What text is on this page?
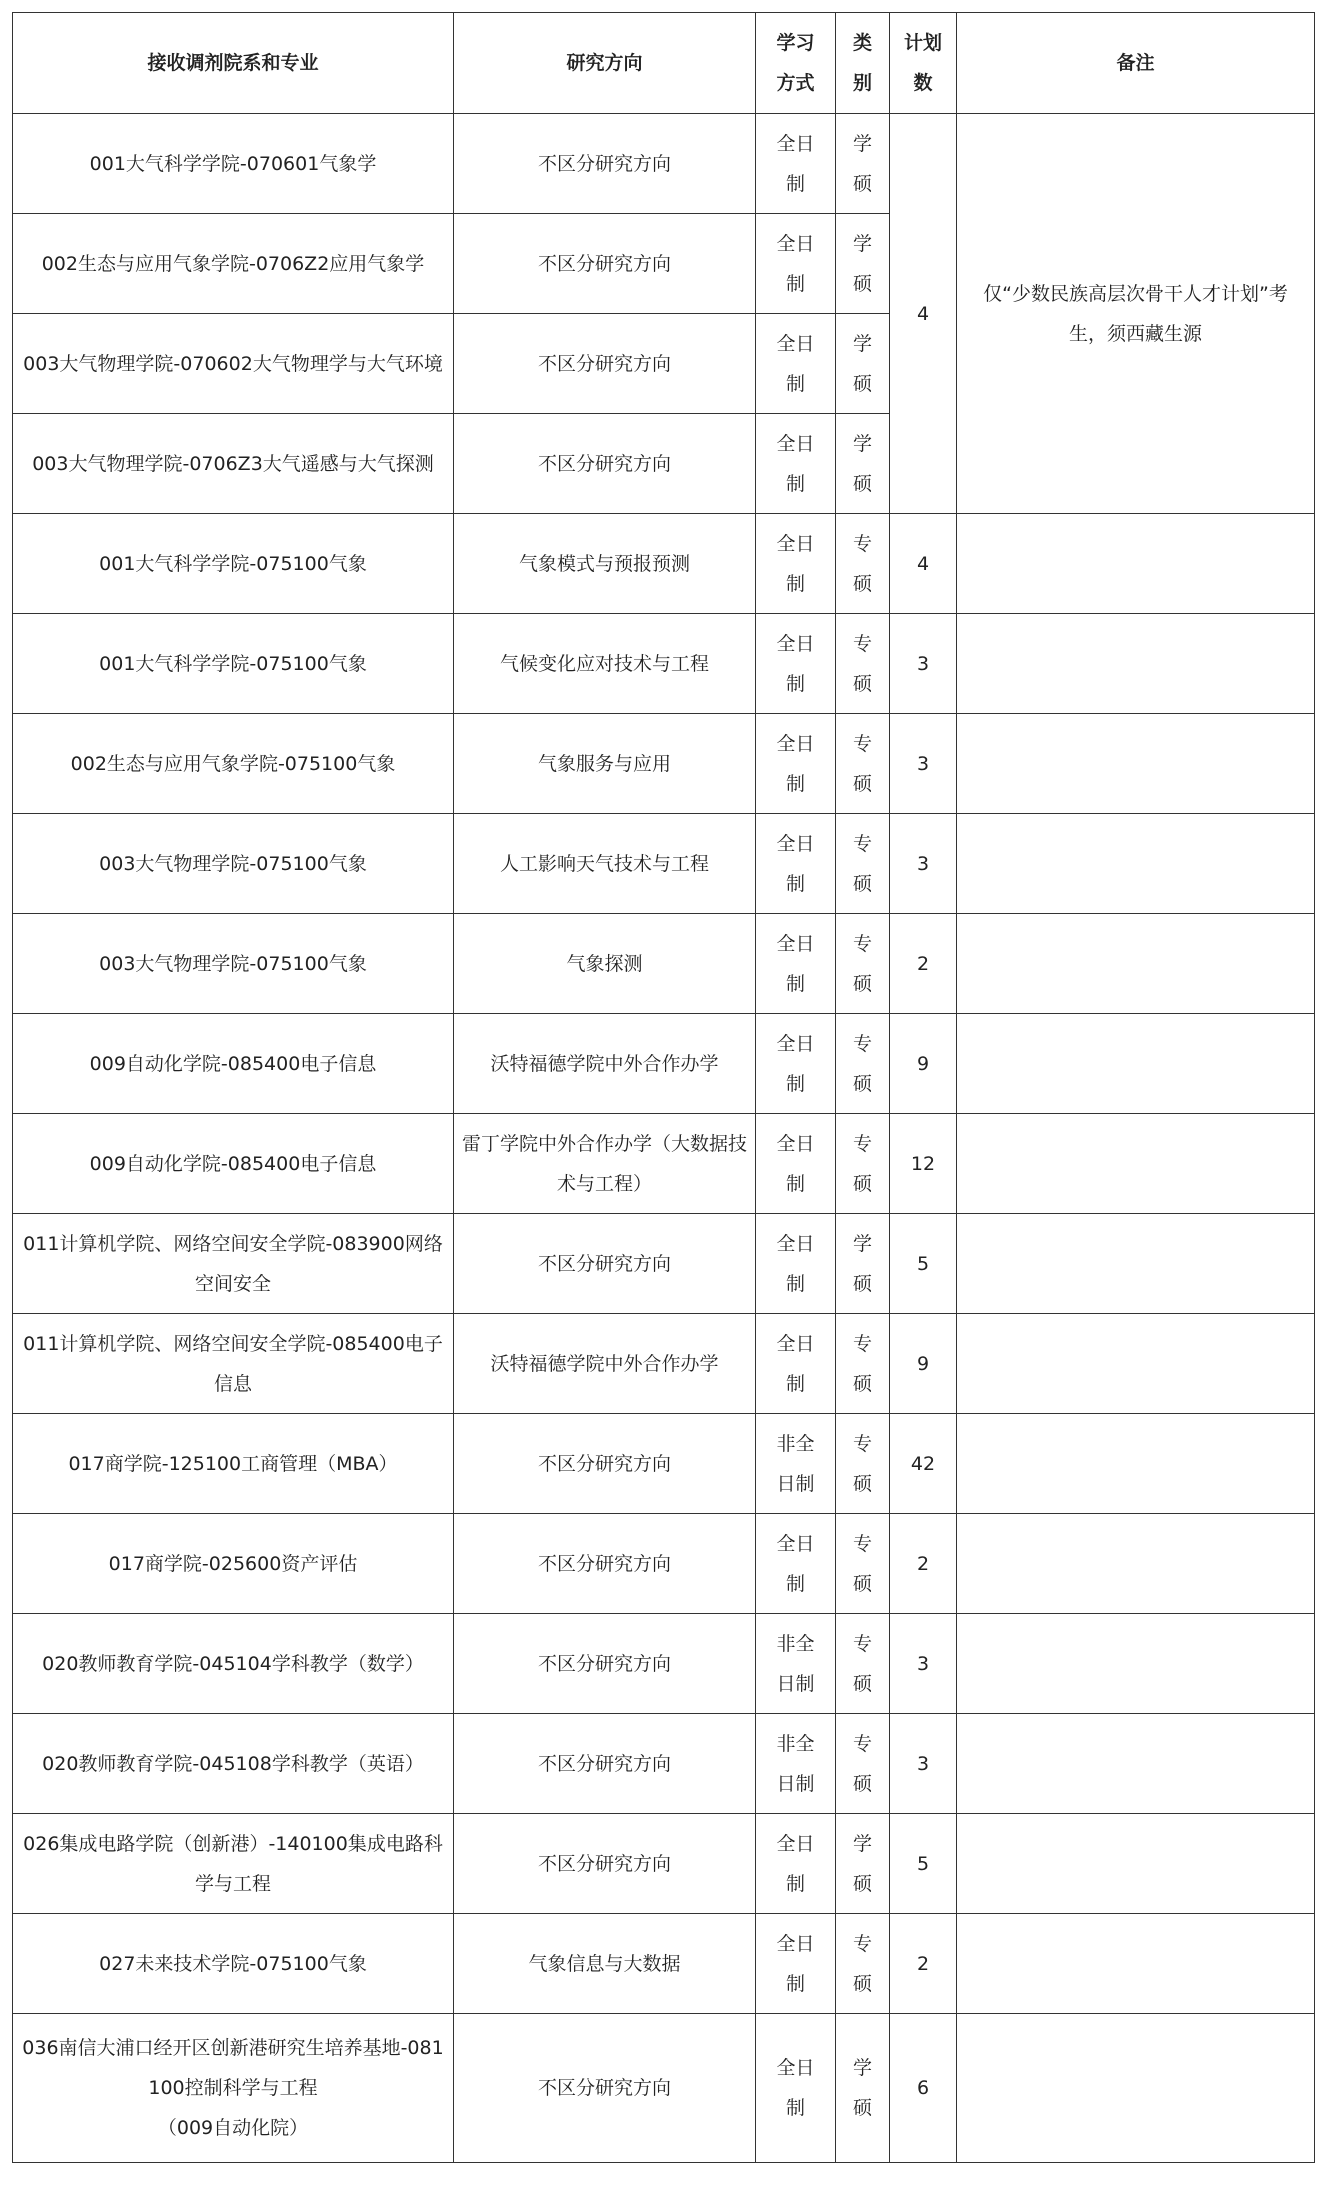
接收调剂院系和专业	研究方向	学习方式	类别	计划数	备注
001大气科学学院-070601气象学	不区分研究方向	全日制	学硕	4	仅“少数民族高层次骨干人才计划”考生，须西藏生源

002生态与应用气象学院-0706Z2应用气象学	不区分研究方向	全日制	学硕		
003大气物理学院-070602大气物理学与大气环境	不区分研究方向	全日制	学硕		
003大气物理学院-0706Z3大气遥感与大气探测	不区分研究方向	全日制	学硕		
001大气科学学院-075100气象	气象模式与预报预测	全日制	专硕	4	
001大气科学学院-075100气象	气候变化应对技术与工程	全日制	专硕	3	
002生态与应用气象学院-075100气象	气象服务与应用	全日制	专硕	3	
003大气物理学院-075100气象	人工影响天气技术与工程	全日制	专硕	3	
003大气物理学院-075100气象	气象探测	全日制	专硕	2	
009自动化学院-085400电子信息	沃特福德学院中外合作办学	全日制	专硕	9	
009自动化学院-085400电子信息	雷丁学院中外合作办学（大数据技术与工程）	全日制	专硕	12	
011计算机学院、网络空间安全学院-083900网络空间安全	不区分研究方向	全日制	学硕	5	
011计算机学院、网络空间安全学院-085400电子信息	沃特福德学院中外合作办学	全日制	专硕	9	
017商学院-125100工商管理（MBA）	不区分研究方向	非全日制	专硕	42	
017商学院-025600资产评估	不区分研究方向	全日制	专硕	2	
020教师教育学院-045104学科教学（数学）	不区分研究方向	非全日制	专硕	3	
020教师教育学院-045108学科教学（英语）	不区分研究方向	非全日制	专硕	3	
026集成电路学院（创新港）-140100集成电路科学与工程	不区分研究方向	全日制	学硕	5	
027未来技术学院-075100气象	气象信息与大数据	全日制	专硕	2	

036南信大浦口经开区创新港研究生培养基地-081100控制科学与工程
（009自动化院）	不区分研究方向	全日制	学硕	6	
